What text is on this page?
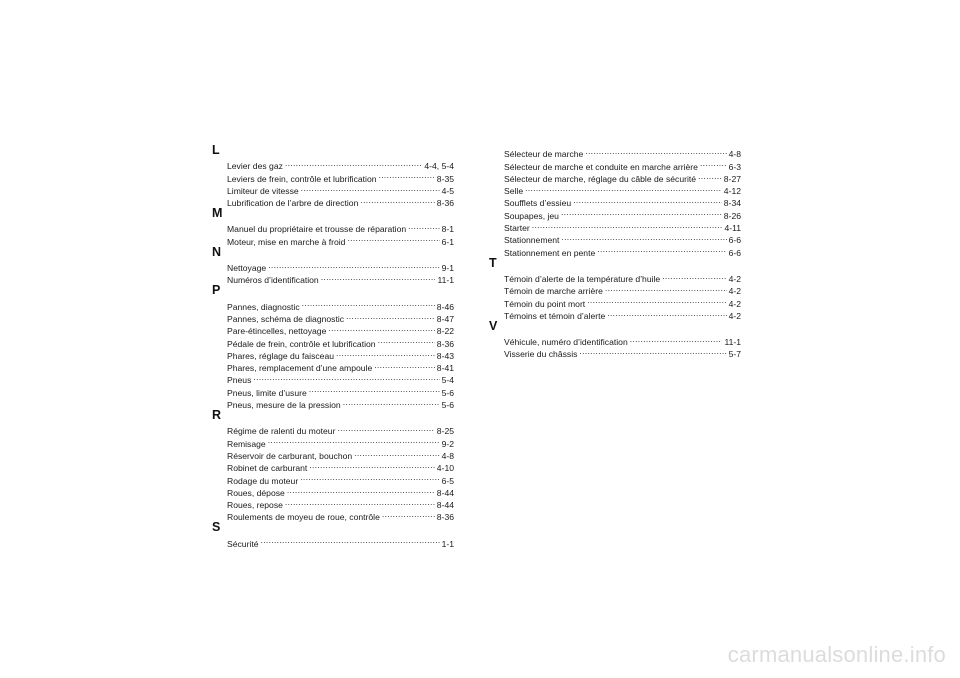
L
Levier des gaz .....	4-4, 5-4
Leviers de frein, contrôle et lubrification .....	8-35
Limiteur de vitesse .....	4-5
Lubrification de l’arbre de direction .....	8-36
M
Manuel du propriétaire et trousse de réparation .....	8-1
Moteur, mise en marche à froid .....	6-1
N
Nettoyage .....	9-1
Numéros d’identification .....	11-1
P
Pannes, diagnostic .....	8-46
Pannes, schéma de diagnostic .....	8-47
Pare-étincelles, nettoyage .....	8-22
Pédale de frein, contrôle et lubrification .....	8-36
Phares, réglage du faisceau .....	8-43
Phares, remplacement d’une ampoule .....	8-41
Pneus .....	5-4
Pneus, limite d’usure .....	5-6
Pneus, mesure de la pression .....	5-6
R
Régime de ralenti du moteur .....	8-25
Remisage .....	9-2
Réservoir de carburant, bouchon .....	4-8
Robinet de carburant .....	4-10
Rodage du moteur .....	6-5
Roues, dépose .....	8-44
Roues, repose .....	8-44
Roulements de moyeu de roue, contrôle .....	8-36
S
Sécurité .....	1-1
Sélecteur de marche .....	4-8
Sélecteur de marche et conduite en marche arrière .....	6-3
Sélecteur de marche, réglage du câble de sécurité .....	8-27
Selle .....	4-12
Soufflets d’essieu .....	8-34
Soupapes, jeu .....	8-26
Starter .....	4-11
Stationnement .....	6-6
Stationnement en pente .....	6-6
T
Témoin d’alerte de la température d’huile .....	4-2
Témoin de marche arrière .....	4-2
Témoin du point mort .....	4-2
Témoins et témoin d’alerte .....	4-2
V
Véhicule, numéro d’identification .....	11-1
Visserie du châssis .....	5-7
carmanualsonline.info
